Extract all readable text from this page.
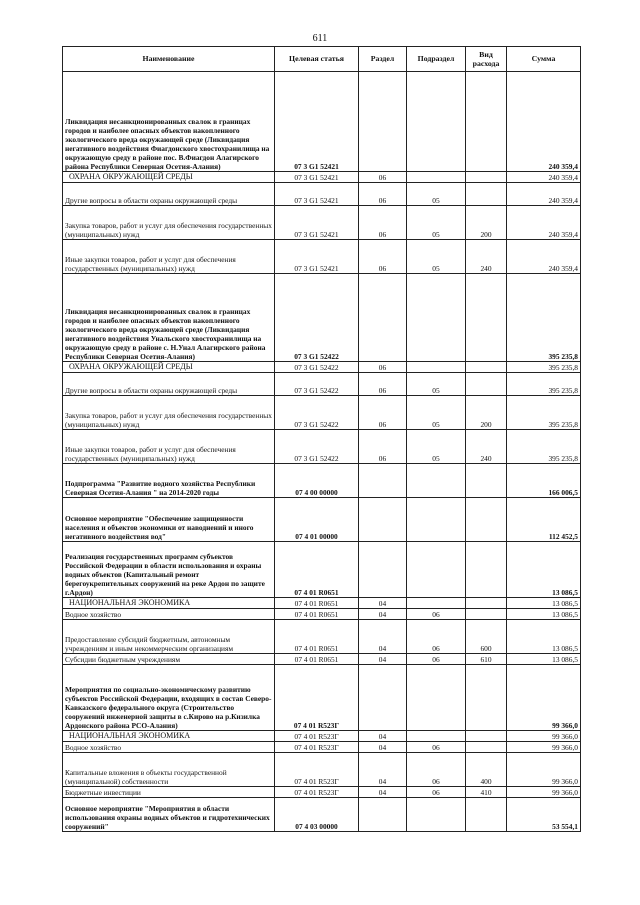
611
Наименование	Целевая статья	Раздел	Подраздел	Вид расхода	Сумма
Ликвидация несанкционированных свалок в границах городов и наиболее опасных объектов накопленного экологического вреда окружающей среде (Ликвидация негативного воздействия Фиагдонского хвостохранилища на окружающую среду в районе пос. В.Фиагдон Алагирского района Республики Северная Осетия-Алания)	07 3 G1 52421				240 359,4
ОХРАНА ОКРУЖАЮЩЕЙ СРЕДЫ	07 3 G1 52421	06			240 359,4
Другие вопросы в области охраны окружающей среды	07 3 G1 52421	06	05		240 359,4
Закупка товаров, работ и услуг для обеспечения государственных (муниципальных) нужд	07 3 G1 52421	06	05	200	240 359,4
Иные закупки товаров, работ и услуг для обеспечения государственных (муниципальных) нужд	07 3 G1 52421	06	05	240	240 359,4
Ликвидация несанкционированных свалок в границах городов и наиболее опасных объектов накопленного экологического вреда окружающей среде (Ликвидация негативного воздействия Унальского хвостохранилища на окружающую среду в районе с. Н.Унал Алагирского района Республики Северная Осетия-Алания)	07 3 G1 52422				395 235,8
ОХРАНА ОКРУЖАЮЩЕЙ СРЕДЫ	07 3 G1 52422	06			395 235,8
Другие вопросы в области охраны окружающей среды	07 3 G1 52422	06	05		395 235,8
Закупка товаров, работ и услуг для обеспечения государственных (муниципальных) нужд	07 3 G1 52422	06	05	200	395 235,8
Иные закупки товаров, работ и услуг для обеспечения государственных (муниципальных) нужд	07 3 G1 52422	06	05	240	395 235,8
Подпрограмма "Развитие водного хозяйства Республики Северная Осетия-Алания " на 2014-2020 годы	07 4 00 00000				166 006,5
Основное мероприятие "Обеспечение защищенности населения и объектов экономики от наводнений и иного негативного воздействия вод"	07 4 01 00000				112 452,5
Реализация государственных программ субъектов Российской Федерации в области использования и охраны водных объектов (Капитальный ремонт берегоукрепительных сооружений на реке Ардон по защите г.Ардон)	07 4 01 R0651				13 086,5
НАЦИОНАЛЬНАЯ ЭКОНОМИКА	07 4 01 R0651	04			13 086,5
Водное хозяйство	07 4 01 R0651	04	06		13 086,5
Предоставление субсидий бюджетным, автономным учреждениям и иным некоммерческим организациям	07 4 01 R0651	04	06	600	13 086,5
Субсидии бюджетным учреждениям	07 4 01 R0651	04	06	610	13 086,5
Мероприятия по социально-экономическому развитию субъектов Российской Федерации, входящих в состав Северо-Кавказского федерального округа (Строительство сооружений инженерной защиты в с.Кирово на р.Кизилка Ардонского района РСО-Алания)	07 4 01 R523Г				99 366,0
НАЦИОНАЛЬНАЯ ЭКОНОМИКА	07 4 01 R523Г	04			99 366,0
Водное хозяйство	07 4 01 R523Г	04	06		99 366,0
Капитальные вложения в объекты государственной (муниципальной) собственности	07 4 01 R523Г	04	06	400	99 366,0
Бюджетные инвестиции	07 4 01 R523Г	04	06	410	99 366,0
Основное мероприятие "Мероприятия в области использования охраны водных объектов и гидротехнических сооружений"	07 4 03 00000				53 554,1
